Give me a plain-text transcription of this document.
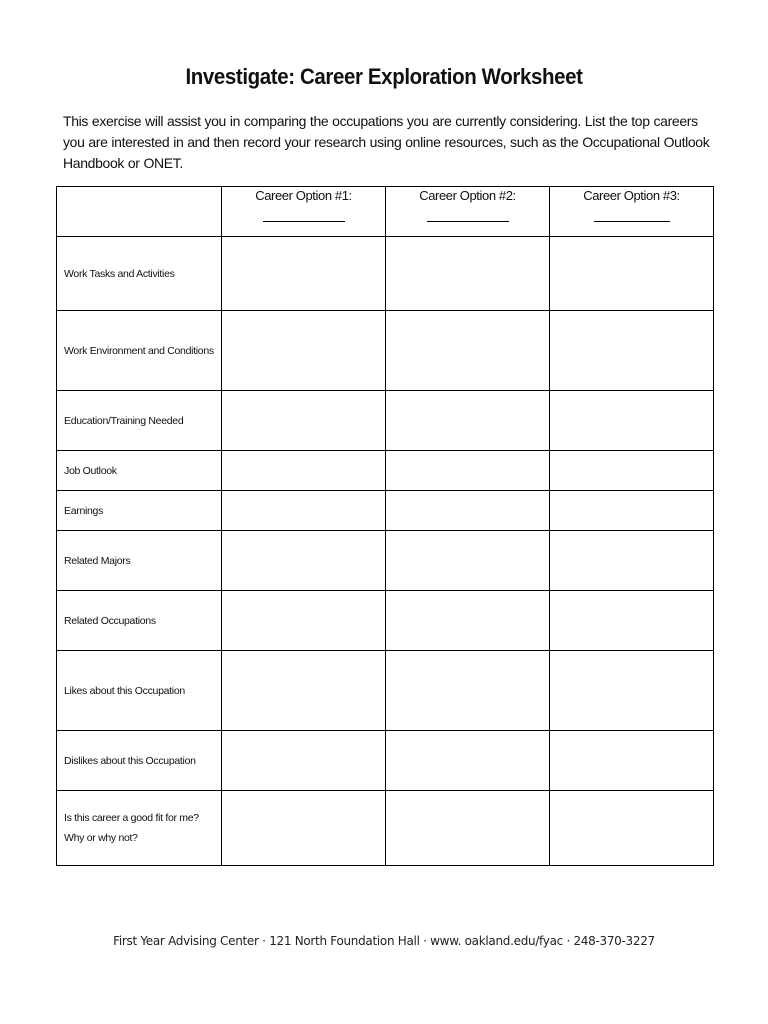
Investigate: Career Exploration Worksheet
This exercise will assist you in comparing the occupations you are currently considering. List the top careers you are interested in and then record your research using online resources, such as the Occupational Outlook Handbook or ONET.

	Career Option #1:	Career Option #2:	Career Option #3:

Work Tasks and Activities			
Work Environment and Conditions			
Education/Training Needed			
Job Outlook			
Earnings			
Related Majors			
Related Occupations			
Likes about this Occupation			
Dislikes about this Occupation			
Is this career a good fit for me? Why or why not?			
First Year Advising Center · 121 North Foundation Hall · www. oakland.edu/fyac · 248-370-3227
